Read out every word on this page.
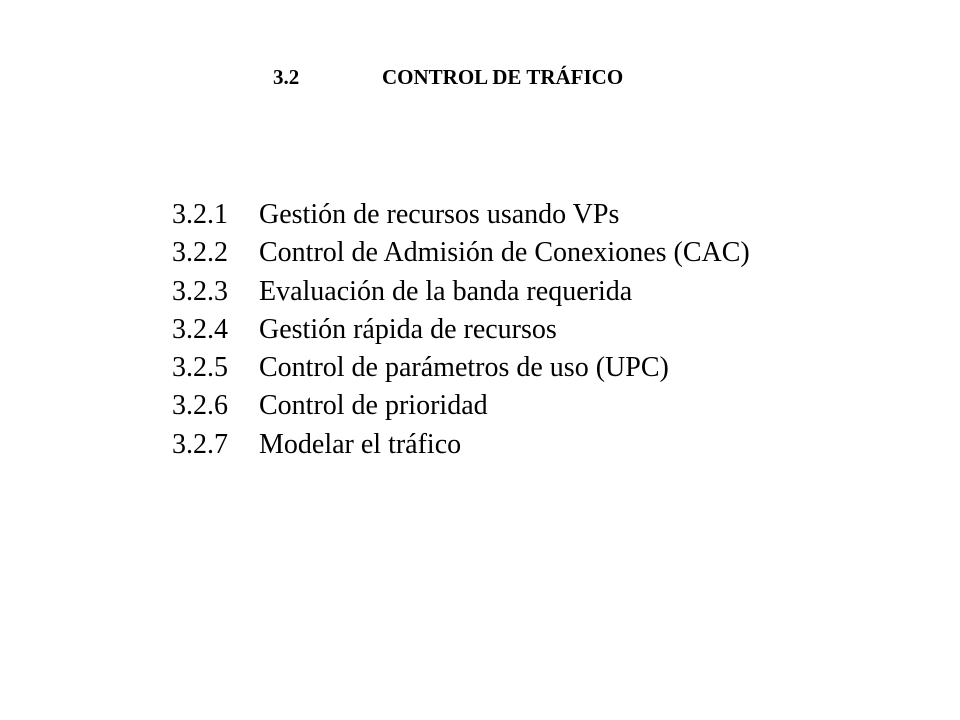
3.2	CONTROL DE TRÁFICO
3.2.1 Gestión de recursos usando VPs
3.2.2 Control de Admisión de Conexiones (CAC)
3.2.3 Evaluación de la banda requerida
3.2.4 Gestión rápida de recursos
3.2.5 Control de parámetros de uso (UPC)
3.2.6 Control de prioridad
3.2.7 Modelar el tráfico
